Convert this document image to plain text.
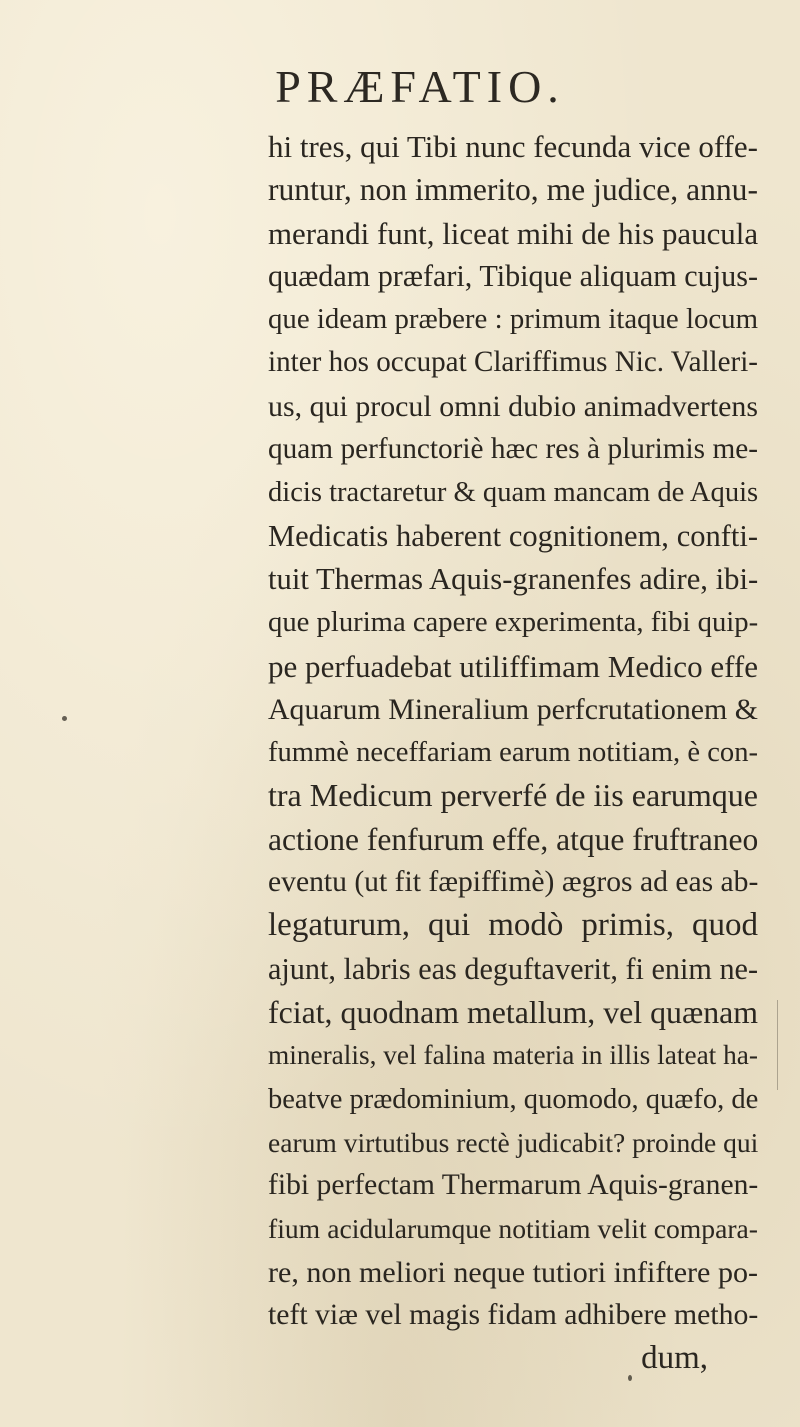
PRÆFATIO.
hi tres, qui Tibi nunc fecunda vice offe-
runtur, non immerito, me judice, annu-
merandi funt, liceat mihi de his paucula
quædam præfari, Tibique aliquam cujus-
que ideam præbere : primum itaque locum
inter hos occupat Clariffimus Nic. Valleri-
us, qui procul omni dubio animadvertens
quam perfunctoriè hæc res à plurimis me-
dicis tractaretur & quam mancam de Aquis
Medicatis haberent cognitionem, confti-
tuit Thermas Aquis-granenfes adire, ibi-
que plurima capere experimenta, fibi quip-
pe perfuadebat utiliffimam Medico effe
Aquarum Mineralium perfcrutationem &
fummè neceffariam earum notitiam, è con-
tra Medicum perverfé de iis earumque
actione fenfurum effe, atque fruftraneo
eventu (ut fit fæpiffimè) ægros ad eas ab-
legaturum, qui modò primis, quod
ajunt, labris eas deguftaverit, fi enim ne-
fciat, quodnam metallum, vel quænam
mineralis, vel falina materia in illis lateat ha-
beatve prædominium, quomodo, quæfo, de
earum virtutibus rectè judicabit? proinde qui
fibi perfectam Thermarum Aquis-granen-
fium acidularumque notitiam velit compara-
re, non meliori neque tutiori infiftere po-
teft viæ vel magis fidam adhibere metho-
dum,
